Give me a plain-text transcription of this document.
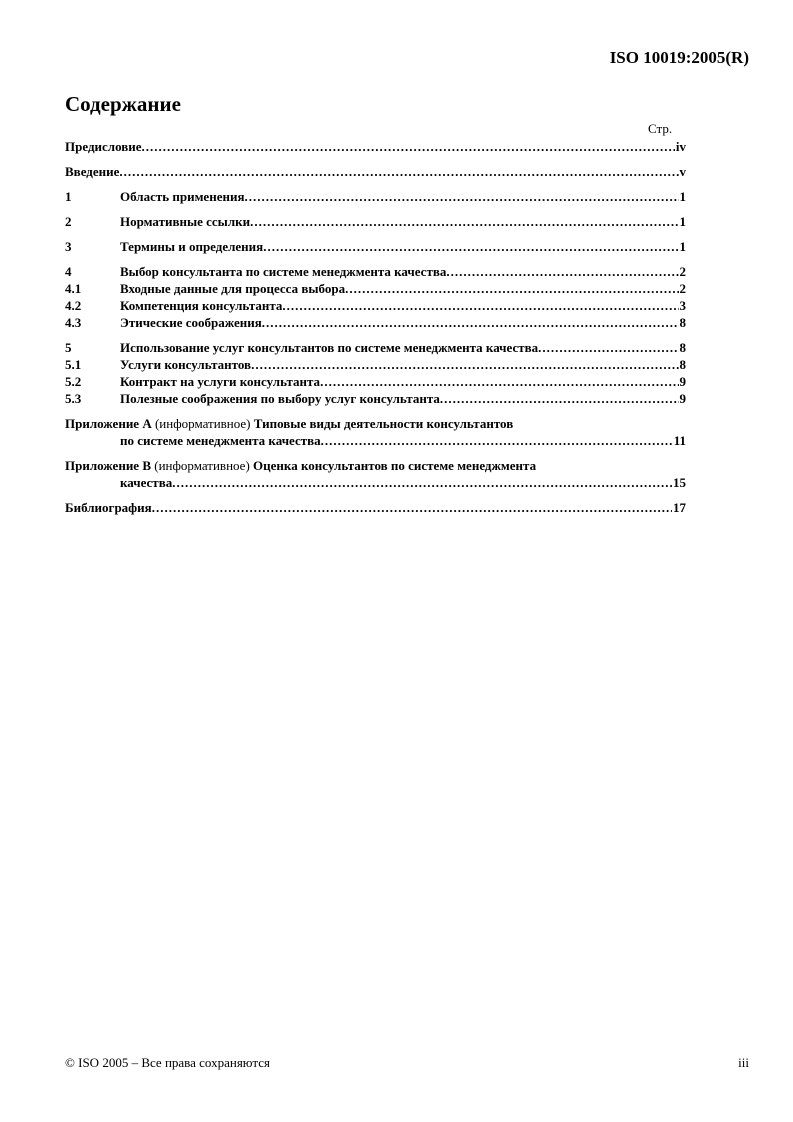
ISO 10019:2005(R)
Содержание
Стр.
Предисловие .....	iv
Введение .....	v
1	Область применения .....	1
2	Нормативные ссылки .....	1
3	Термины и определения .....	1
4	Выбор консультанта по системе менеджмента качества .....	2
4.1	Входные данные для процесса выбора .....	2
4.2	Компетенция консультанта .....	3
4.3	Этические соображения .....	8
5	Использование услуг консультантов по системе менеджмента качества .....	8
5.1	Услуги консультантов .....	8
5.2	Контракт на услуги консультанта .....	9
5.3	Полезные соображения по выбору услуг консультанта .....	9
Приложение А (информативное) Типовые виды деятельности консультантов
по системе менеджмента качества .....	11
Приложение В (информативное) Оценка консультантов по системе менеджмента
качества .....	15
Библиография .....	17
© ISO 2005 – Все права сохраняются	iii
